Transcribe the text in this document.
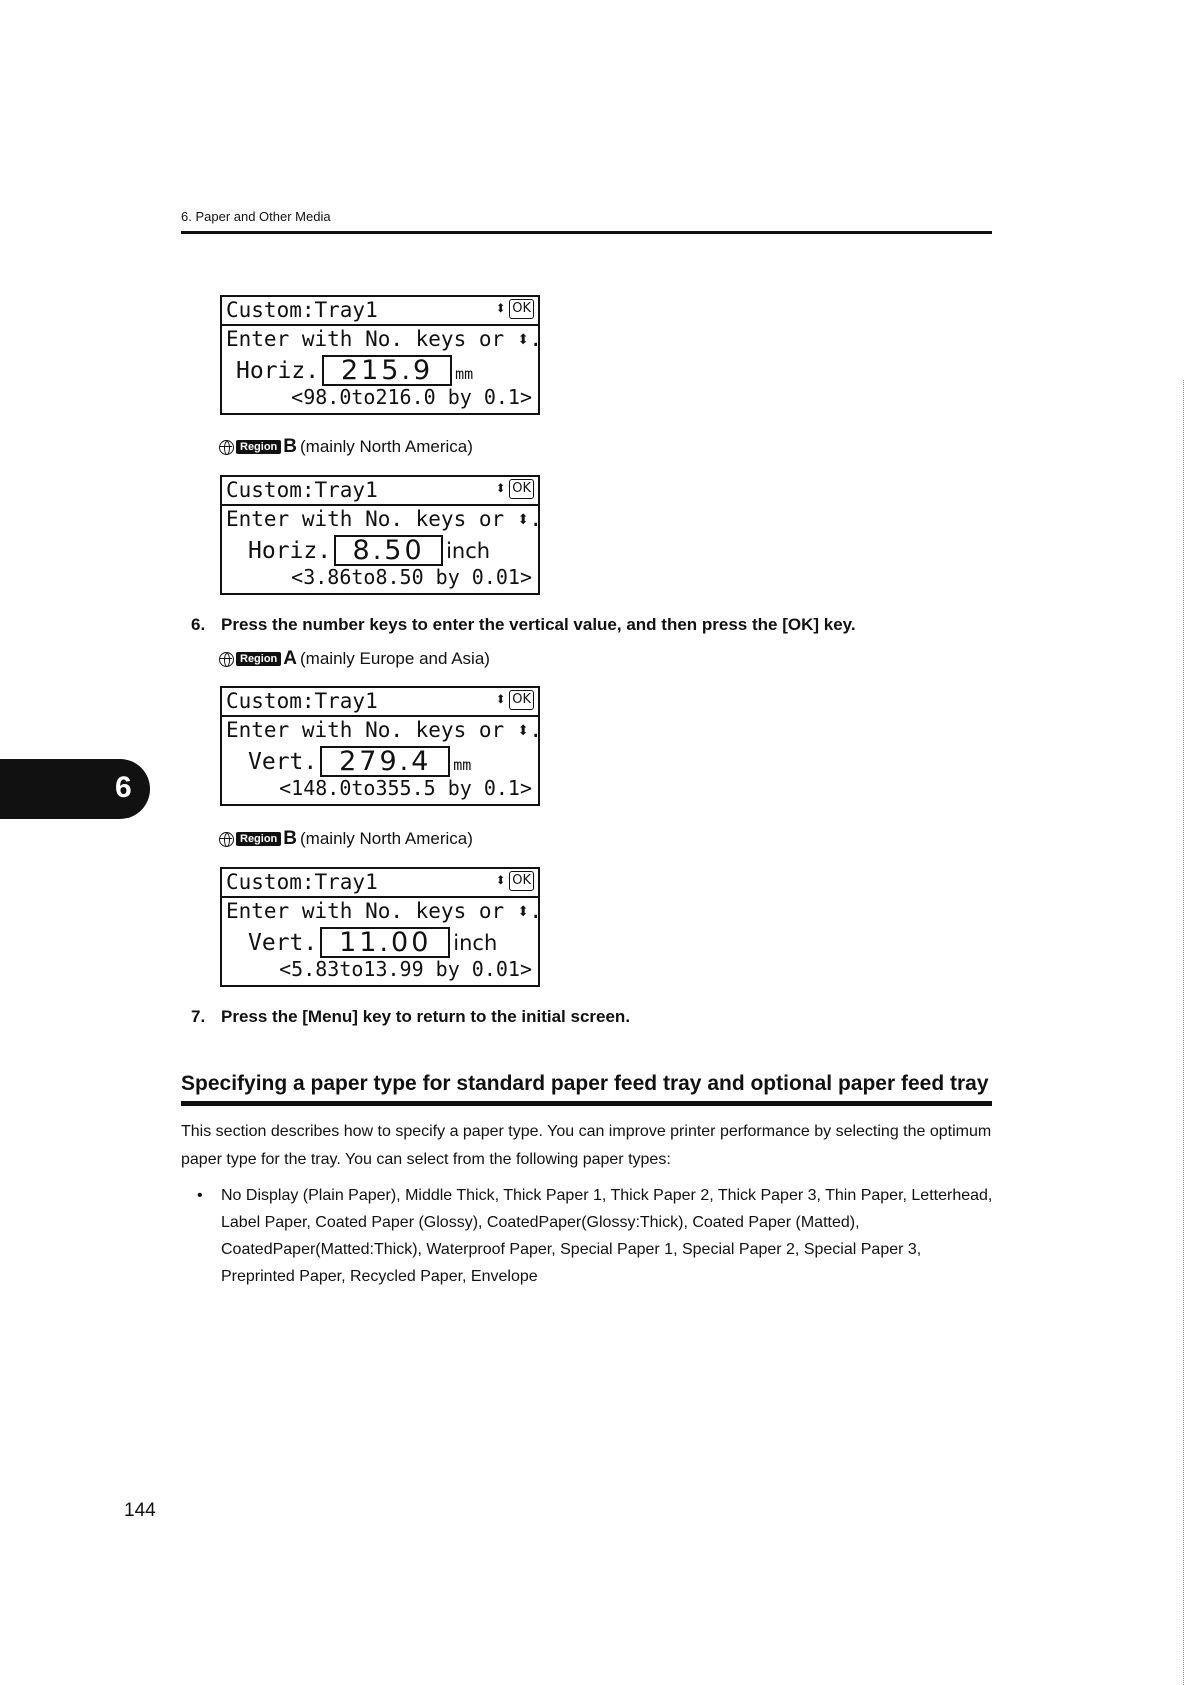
6. Paper and Other Media
Custom:Tray1	⬍ OK
Enter with No. keys or ⬍.
Horiz. 215.9	mm
<98.0to216.0 by 0.1>
Region B (mainly North America)
Custom:Tray1	⬍ OK
Enter with No. keys or ⬍.
Horiz. 8.50	inch
<3.86to8.50 by 0.01>
6. Press the number keys to enter the vertical value, and then press the [OK] key.
Region A (mainly Europe and Asia)
Custom:Tray1	⬍ OK
Enter with No. keys or ⬍.
Vert. 279.4	mm
<148.0to355.5 by 0.1>
Region B (mainly North America)
Custom:Tray1	⬍ OK
Enter with No. keys or ⬍.
Vert. 11.00	inch
<5.83to13.99 by 0.01>
7. Press the [Menu] key to return to the initial screen.
6
Specifying a paper type for standard paper feed tray and optional paper feed tray
This section describes how to specify a paper type. You can improve printer performance by selecting the optimum paper type for the tray. You can select from the following paper types:
• No Display (Plain Paper), Middle Thick, Thick Paper 1, Thick Paper 2, Thick Paper 3, Thin Paper, Letterhead, Label Paper, Coated Paper (Glossy), CoatedPaper(Glossy:Thick), Coated Paper (Matted), CoatedPaper(Matted:Thick), Waterproof Paper, Special Paper 1, Special Paper 2, Special Paper 3, Preprinted Paper, Recycled Paper, Envelope
144
